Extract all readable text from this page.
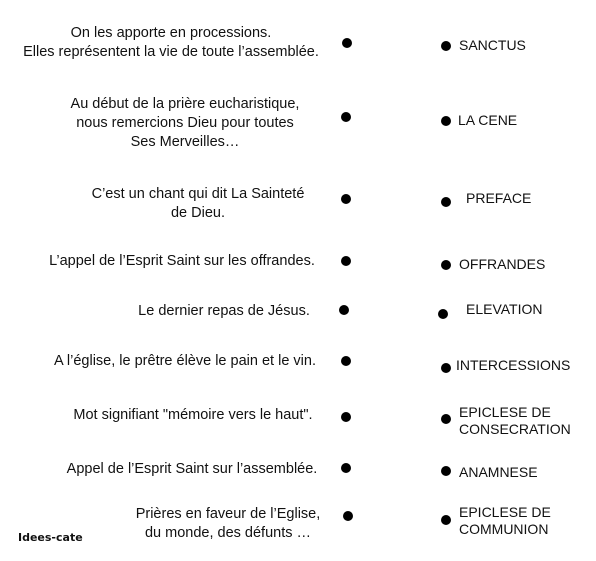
On les apporte en processions.
Elles représentent la vie de toute l’assemblée.
Au début de la prière eucharistique,
nous remercions Dieu pour toutes
Ses Merveilles…
C’est un chant qui dit La Sainteté
de Dieu.
L’appel de l’Esprit Saint sur les offrandes.
Le dernier repas de Jésus.
A l’église, le prêtre élève le pain et le vin.
Mot signifiant "mémoire vers le haut".
Appel de l’Esprit Saint sur l’assemblée.
Prières en faveur de l’Eglise,
du monde, des défunts …
SANCTUS
LA CENE
PREFACE
OFFRANDES
ELEVATION
INTERCESSIONS
EPICLESE DE
CONSECRATION
ANAMNESE
EPICLESE DE
COMMUNION
Idees-cate
